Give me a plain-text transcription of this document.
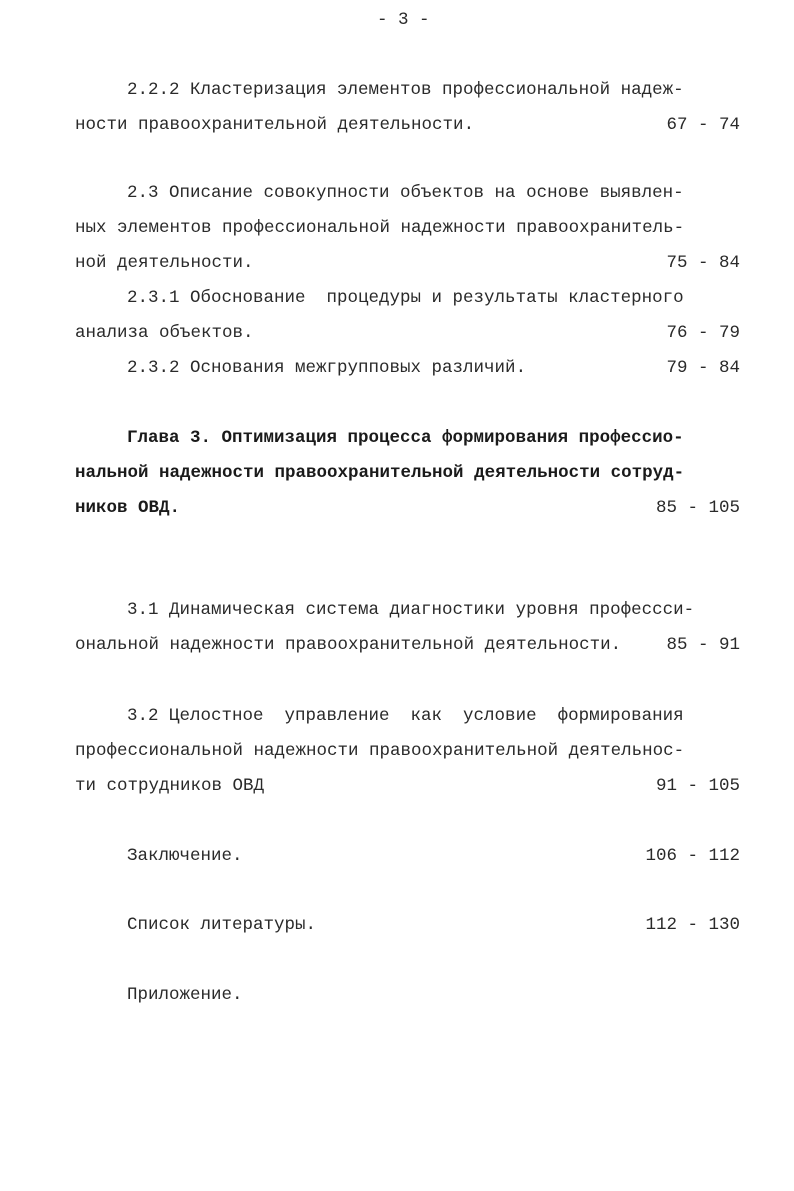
- 3 -
2.2.2 Кластеризация элементов профессиональной надеж-
ности правоохранительной деятельности.	67 - 74
2.3 Описание совокупности объектов на основе выявлен-
ных элементов профессиональной надежности правоохранитель-
ной деятельности.	75 - 84
2.3.1 Обоснование  процедуры и результаты кластерного
анализа объектов.	76 - 79
2.3.2 Основания межгрупповых различий.	79 - 84
Глава 3. Оптимизация процесса формирования профессио-
нальной надежности правоохранительной деятельности сотруд-
ников ОВД.	85 - 105
3.1 Динамическая система диагностики уровня профессси-
ональной надежности правоохранительной деятельности.	85 - 91
3.2 Целостное  управление  как  условие  формирования
профессиональной надежности правоохранительной деятельнос-
ти сотрудников ОВД	91 - 105
Заключение.	106 - 112
Список литературы.	112 - 130
Приложение.
